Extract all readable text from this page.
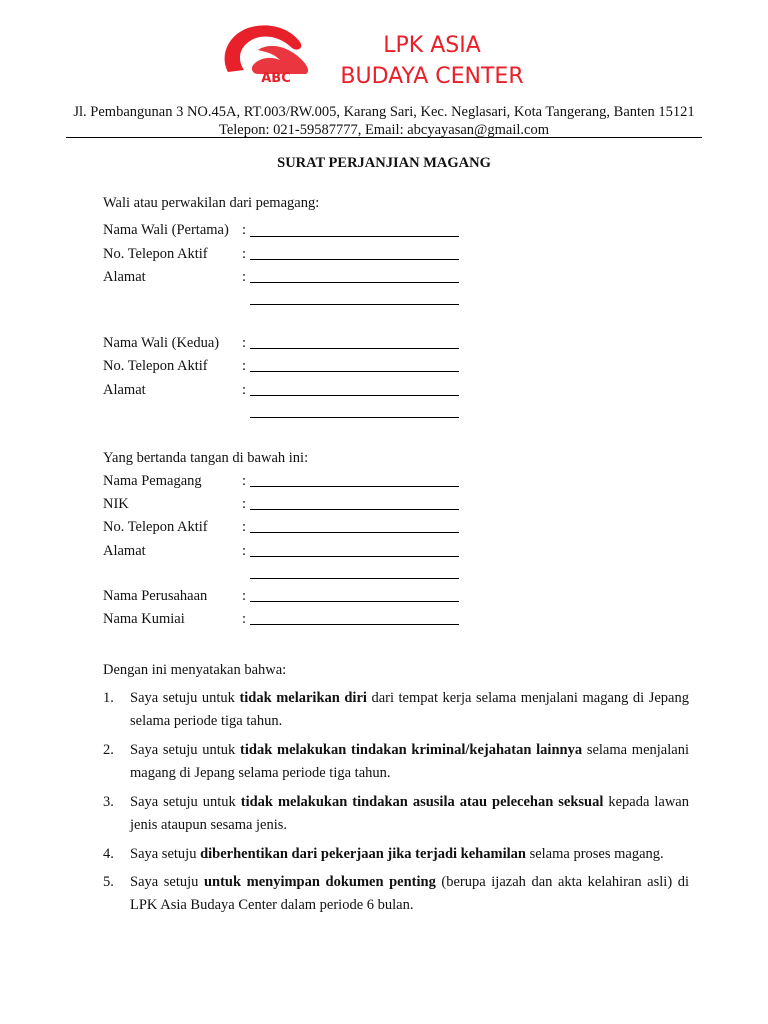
ABC
LPK ASIA
BUDAYA CENTER
Jl. Pembangunan 3 NO.45A, RT.003/RW.005, Karang Sari, Kec. Neglasari, Kota Tangerang, Banten 15121
Telepon: 021-59587777, Email: abcyayasan@gmail.com
SURAT PERJANJIAN MAGANG
Wali atau perwakilan dari pemagang:
Nama Wali (Pertama) :
No. Telepon Aktif :
Alamat	:
Nama Wali (Kedua) :
No. Telepon Aktif :
Alamat	:
Yang bertanda tangan di bawah ini:
Nama Pemagang	:
NIK	:
No. Telepon Aktif :
Alamat	:
Nama Perusahaan :
Nama Kumiai	:
Dengan ini menyatakan bahwa:
1. Saya setuju untuk tidak melarikan diri dari tempat kerja selama menjalani magang di Jepang selama periode tiga tahun.
2. Saya setuju untuk tidak melakukan tindakan kriminal/kejahatan lainnya selama menjalani magang di Jepang selama periode tiga tahun.
3. Saya setuju untuk tidak melakukan tindakan asusila atau pelecehan seksual kepada lawan jenis ataupun sesama jenis.
4. Saya setuju diberhentikan dari pekerjaan jika terjadi kehamilan selama proses magang.
5. Saya setuju untuk menyimpan dokumen penting (berupa ijazah dan akta kelahiran asli) di LPK Asia Budaya Center dalam periode 6 bulan.
